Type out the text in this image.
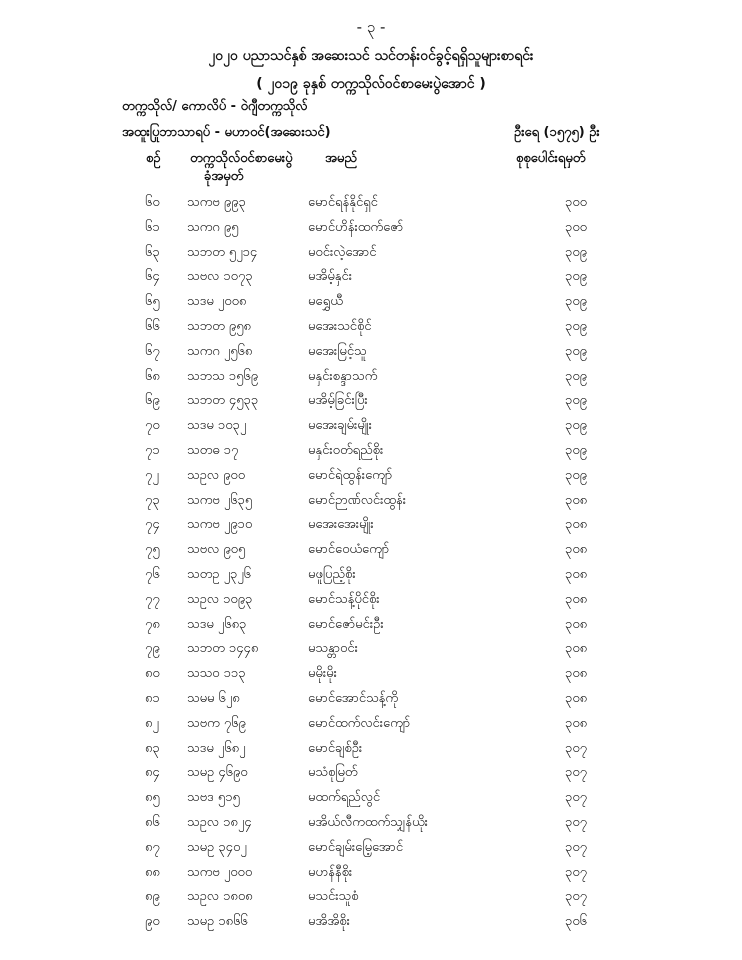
- ၃ -
၂၀၂၀ ပညာသင်နှစ် အဆေးသင် သင်တန်းဝင်ခွင့်ရရှိသူများစာရင်း
( ၂၀၁၉ ခုနှစ် တက္ကသိုလ်ဝင်စာမေးပွဲအောင် )
တက္ကသိုလ်/ ကောလိပ် - ဝဲဂျီတက္ကသိုလ်
အထူးပြုဘာသာရပ် - မဟာဝင်(အဆေးသင်)	ဦးရေ (၁၅၇၅) ဦး
စဉ် တက္ကသိုလ်ဝင်စာမေးပွဲ
ခုံအမှတ်
အမည်	စုစုပေါင်းရမှတ်
၆၀ သကဗ ၉၉၃	မောင်ရန်နိုင်ရှင်	၃၀၀
၆၁ သကဂ ၉၅	မောင်ဟိန်းထက်ဇော်	၃၀၀
၆၃ သဘတ ၅၂၁၄	မဝင်းလဲ့အောင်	၃၀၉
၆၄ သဗလ ၁၀၇၃	မအိမ့်နှင်း	၃၀၉
၆၅ သဒမ ၂၀၀၈	မရွှေယီ	၃၀၉
၆၆ သဘတ ၉၅၈	မအေးသင်စိုင်	၃၀၉
၆၇ သကဂ ၂၅၆၈	မအေးမြင့်သူ	၃၀၉
၆၈ သဘသ ၁၅၆၉	မနှင်းစန္ဒာသက်	၃၀၉
၆၉ သဘတ ၄၅၃၃	မအိမ့်ခြင်းပြီး	၃၀၉
၇၀ သဒမ ၁၀၃၂	မအေးချမ်းမျိုး	၃၀၉
၇၁ သတဓ ၁၇	မနှင်းဝတ်ရည်စိုး	၃၀၉
၇၂ သဥလ ၉၀၀	မောင်ရဲထွန်းကျော်	၃၀၉
၇၃ သကဗ ၂၆၃၅	မောင်ဉာဏ်လင်းထွန်း	၃၀၈
၇၄ သကဗ ၂၉၁၀	မအေးအေးမျိုး	၃၀၈
၇၅ သဗလ ၉၀၅	မောင်ဝေယံကျော်	၃၀၈
၇၆ သတဥ ၂၃၂၆	မဖူပြည့်စိုး	၃၀၈
၇၇ သဥလ ၁၀၉၃	မောင်သန့်ပိုင်စိုး	၃၀၈
၇၈ သဒမ ၂၆၈၃	မောင်ဇော်မင်းဦး	၃၀၈
၇၉ သဘတ ၁၄၄၈	မသန္တာဝင်း	၃၀၈
၈၀ သသဝ ၁၁၃	မမိုးမိုး	၃၀၈
၈၁ သမမ ၆၂၈	မောင်အောင်သန့်ကို	၃၀၈
၈၂ သဗက ၇၆၉	မောင်ထက်လင်းကျော်	၃၀၈
၈၃ သဒမ ၂၆၈၂	မောင်ချစ်ဦး	၃၀၇
၈၄ သမဥ ၄၆၉၀	မသံစုမြတ်	၃၀၇
၈၅ သဗဒ ၅၁၅	မထက်ရည်လွင်	၃၀၇
၈၆ သဥလ ၁၈၂၄	မအိယ်လီကထက်သျှန်ယိုး	၃၀၇
၈၇ သမဥ ၃၄၀၂	မောင်ချမ်းမြေ့အောင်	၃၀၇
၈၈ သကဗ ၂၀၀၀	မဟန်နီစိုး	၃၀၇
၈၉ သဥလ ၁၈၀၈	မသင်းသူစံ	၃၀၇
၉၀ သမဥ ၁၈၆၆	မအိအိစိုး	၃၀၆
